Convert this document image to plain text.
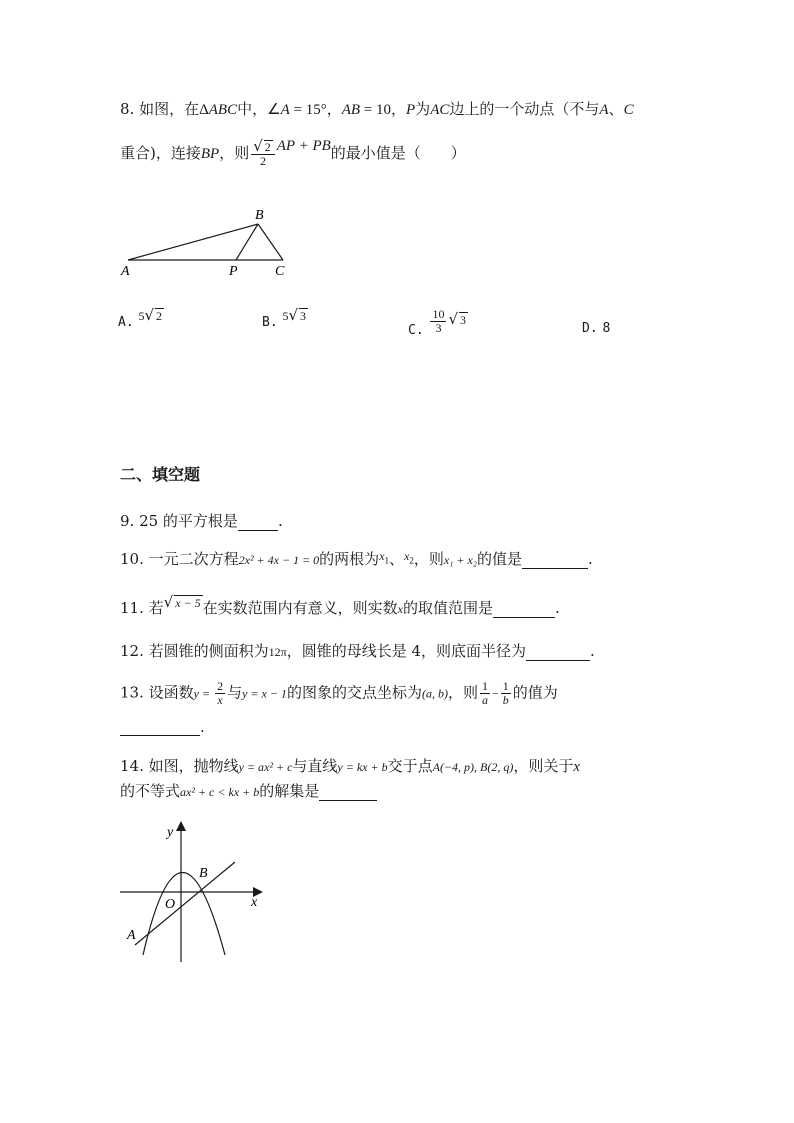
8. 如图，在ΔABC中，∠A = 15°，AB = 10，P为AC边上的一个动点（不与A、C
重合)，连接BP，则 $\frac{√ 2}{2}$ AP + PB的最小值是（　　）
B
A	P	C
A. $^{5√ 2}$	B. $^{5√ 3}$
C. $\frac{10}{3}$ √ 3
D. 8
二、填空题
9. 25 的平方根是	.
10. 一元二次方程2x² + 4x − 1 = 0的两根为$^{x_1}$、$^{x_2}$，则x₁ + x₂的值是	.
11. 若$^{√ x - 5}$ 在实数范围内有意义，则实数x的取值范围是	.
12. 若圆锥的侧面积为12π，圆锥的母线长是 4，则底面半径为	.
13. 设函数$y = \frac{2}{x}$ 与y = x − 1的图象的交点坐标为(a, b)，则 $\frac{1}{a} - \frac{1}{b}$ 的值为
.
14. 如图，抛物线y = ax² + c与直线y = kx + b交于点A(−4, p), B(2, q)，则关于x
的不等式ax² + c < kx + b的解集是
y
x
B
O
A
